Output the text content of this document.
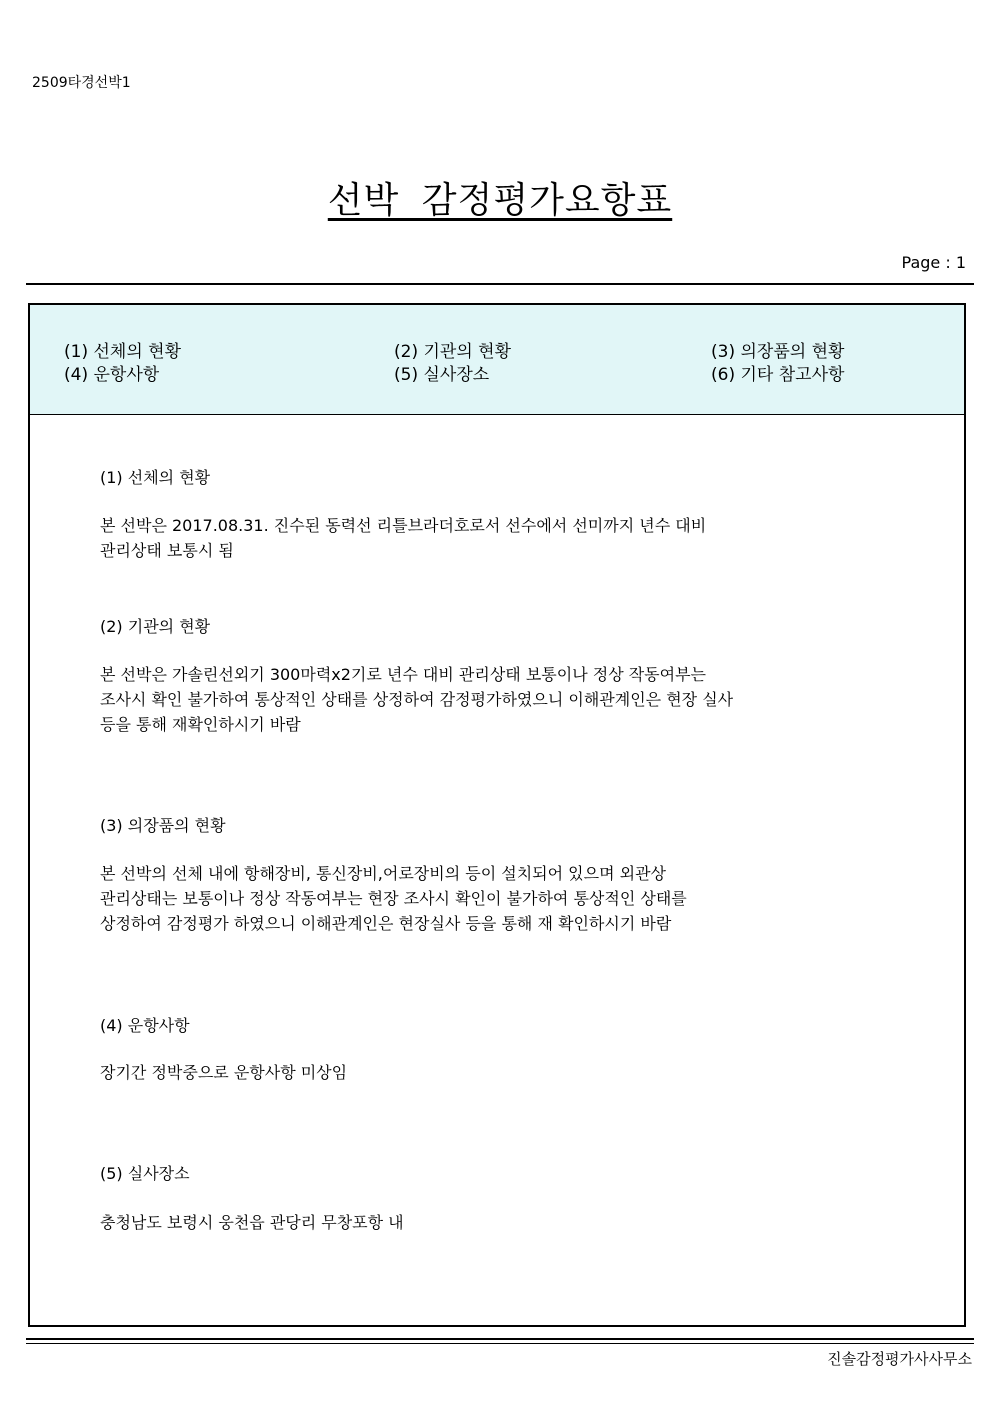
2509타경선박1
선박 감정평가요항표
Page : 1
(1) 선체의 현황	(2) 기관의 현황	(3) 의장품의 현황
(4) 운항사항	(5) 실사장소	(6) 기타 참고사항
(1) 선체의 현황
본 선박은 2017.08.31. 진수된 동력선 리틀브라더호로서 선수에서 선미까지 년수 대비
관리상태 보통시 됨
(2) 기관의 현황
본 선박은 가솔린선외기 300마력x2기로 년수 대비 관리상태 보통이나 정상 작동여부는
조사시 확인 불가하여 통상적인 상태를 상정하여 감정평가하였으니 이해관계인은 현장 실사
등을 통해 재확인하시기 바람
(3) 의장품의 현황
본 선박의 선체 내에 항해장비, 통신장비,어로장비의 등이 설치되어 있으며 외관상
관리상태는 보통이나 정상 작동여부는 현장 조사시 확인이 불가하여 통상적인 상태를
상정하여 감정평가 하였으니 이해관계인은 현장실사 등을 통해 재 확인하시기 바람
(4) 운항사항
장기간 정박중으로 운항사항 미상임
(5) 실사장소
충청남도 보령시 웅천읍 관당리 무창포항 내
진솔감정평가사사무소
